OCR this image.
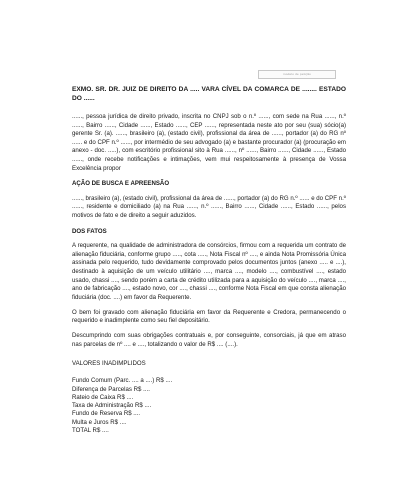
modelo de petição

EXMO. SR. DR. JUIZ DE DIREITO DA ..... VARA CÍVEL DA COMARCA DE ........ ESTADO DO ......

......, pessoa jurídica de direito privado, inscrita no CNPJ sob o n.º ......, com sede na Rua ......, n.º ......, Bairro ......, Cidade ......, Estado ......, CEP ......, representada neste ato por seu (sua) sócio(a) gerente Sr. (a). ......, brasileiro (a), (estado civil), profissional da área de ......, portador (a) do RG nº ...... e do CPF n.º ......, por intermédio de seu advogado (a) e bastante procurador (a) (procuração em anexo - doc. .....), com escritório profissional sito à Rua ......, nº ......, Bairro ......, Cidade ......, Estado ......, onde recebe notificações e intimações, vem mui respeitosamente à presença de Vossa Excelência propor

AÇÃO DE BUSCA E APREENSÃO

......, brasileiro (a), (estado civil), profissional da área de ......, portador (a) do RG n.º ...... e do CPF n.º ......, residente e domiciliado (a) na Rua ......, n.º ......, Bairro ......, Cidade ......, Estado ......, pelos motivos de fato e de direito a seguir aduzidos.

DOS FATOS

A requerente, na qualidade de administradora de consórcios, firmou com a requerida um contrato de alienação fiduciária, conforme grupo ....., cota ....., Nota Fiscal nº ...., e ainda Nota Promissória Única assinada pelo requerido, tudo devidamente comprovado pelos documentos juntos (anexo ..... e ....), destinado à aquisição de um veículo utilitário ...., marca ...., modelo ...., combustível ...., estado usado, chassi ...., sendo porém a carta de crédito utilizada para a aquisição do veículo ...., marca ...., ano de fabricação ...., estado novo, cor ...., chassi ...., conforme Nota Fiscal em que consta alienação fiduciária (doc. ....) em favor da Requerente.

O bem foi gravado com alienação fiduciária em favor da Requerente e Credora, permanecendo o requerido e inadimplente como seu fiel depositário.

Descumprindo com suas obrigações contratuais e, por conseguinte, consorciais, já que em atraso nas parcelas de nº .... e ...., totalizando o valor de R$ .... (....).

VALORES INADIMPLIDOS

Fundo Comum (Parc. .... a ....) R$ ....
Diferença de Parcelas R$ ....
Rateio de Caixa R$ ....
Taxa de Administração R$ ....
Fundo de Reserva R$ ....
Multa e Juros R$ ....
TOTAL R$ ....
